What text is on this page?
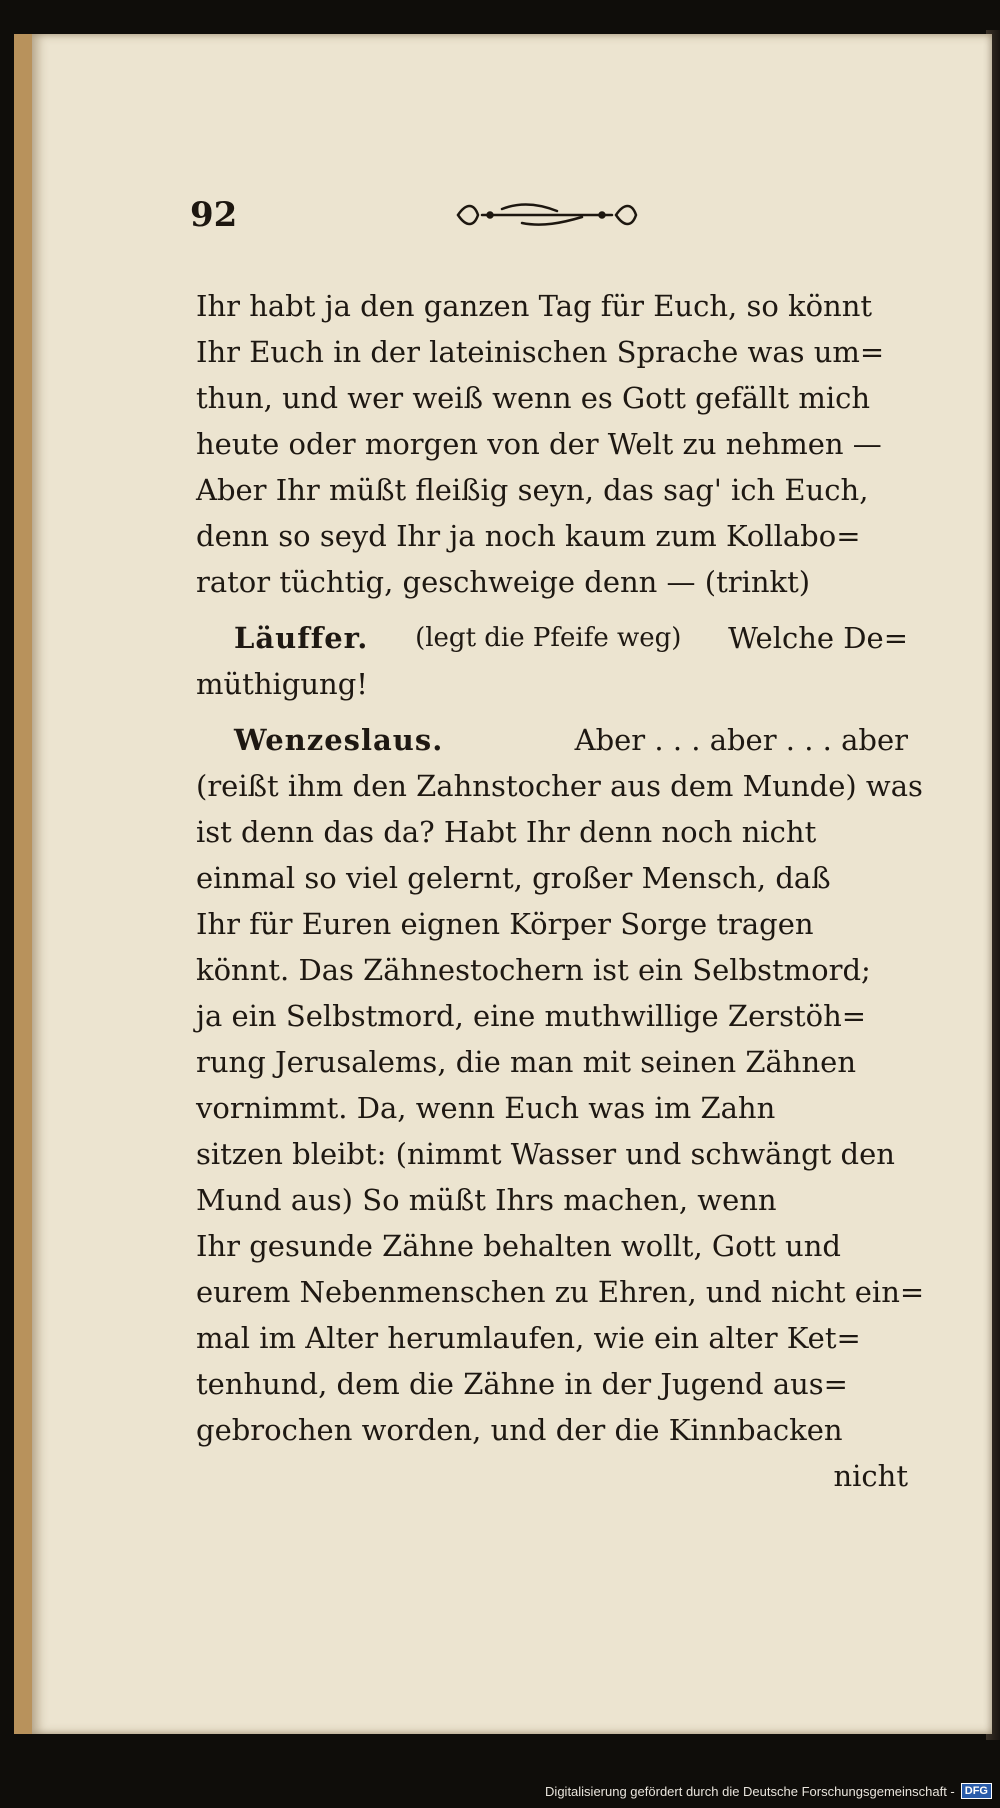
92
Ihr habt ja den ganzen Tag für Euch, so könnt
Ihr Euch in der lateinischen Sprache was um=
thun, und wer weiß wenn es Gott gefällt mich
heute oder morgen von der Welt zu nehmen —
Aber Ihr müßt fleißig seyn, das sag' ich Euch,
denn so seyd Ihr ja noch kaum zum Kollabo=
rator tüchtig, geschweige denn — (trinkt)
Läuffer. (legt die Pfeife weg) Welche De=
müthigung!
Wenzeslaus.	Aber . . . aber . . . aber
(reißt ihm den Zahnstocher aus dem Munde) was
ist denn das da? Habt Ihr denn noch nicht
einmal so viel gelernt, großer Mensch, daß
Ihr für Euren eignen Körper Sorge tragen
könnt. Das Zähnestochern ist ein Selbstmord;
ja ein Selbstmord, eine muthwillige Zerstöh=
rung Jerusalems, die man mit seinen Zähnen
vornimmt. Da, wenn Euch was im Zahn
sitzen bleibt: (nimmt Wasser und schwängt den
Mund aus) So müßt Ihrs machen, wenn
Ihr gesunde Zähne behalten wollt, Gott und
eurem Nebenmenschen zu Ehren, und nicht ein=
mal im Alter herumlaufen, wie ein alter Ket=
tenhund, dem die Zähne in der Jugend aus=
gebrochen worden, und der die Kinnbacken
nicht
Digitalisierung gefördert durch die Deutsche Forschungsgemeinschaft - DFG
